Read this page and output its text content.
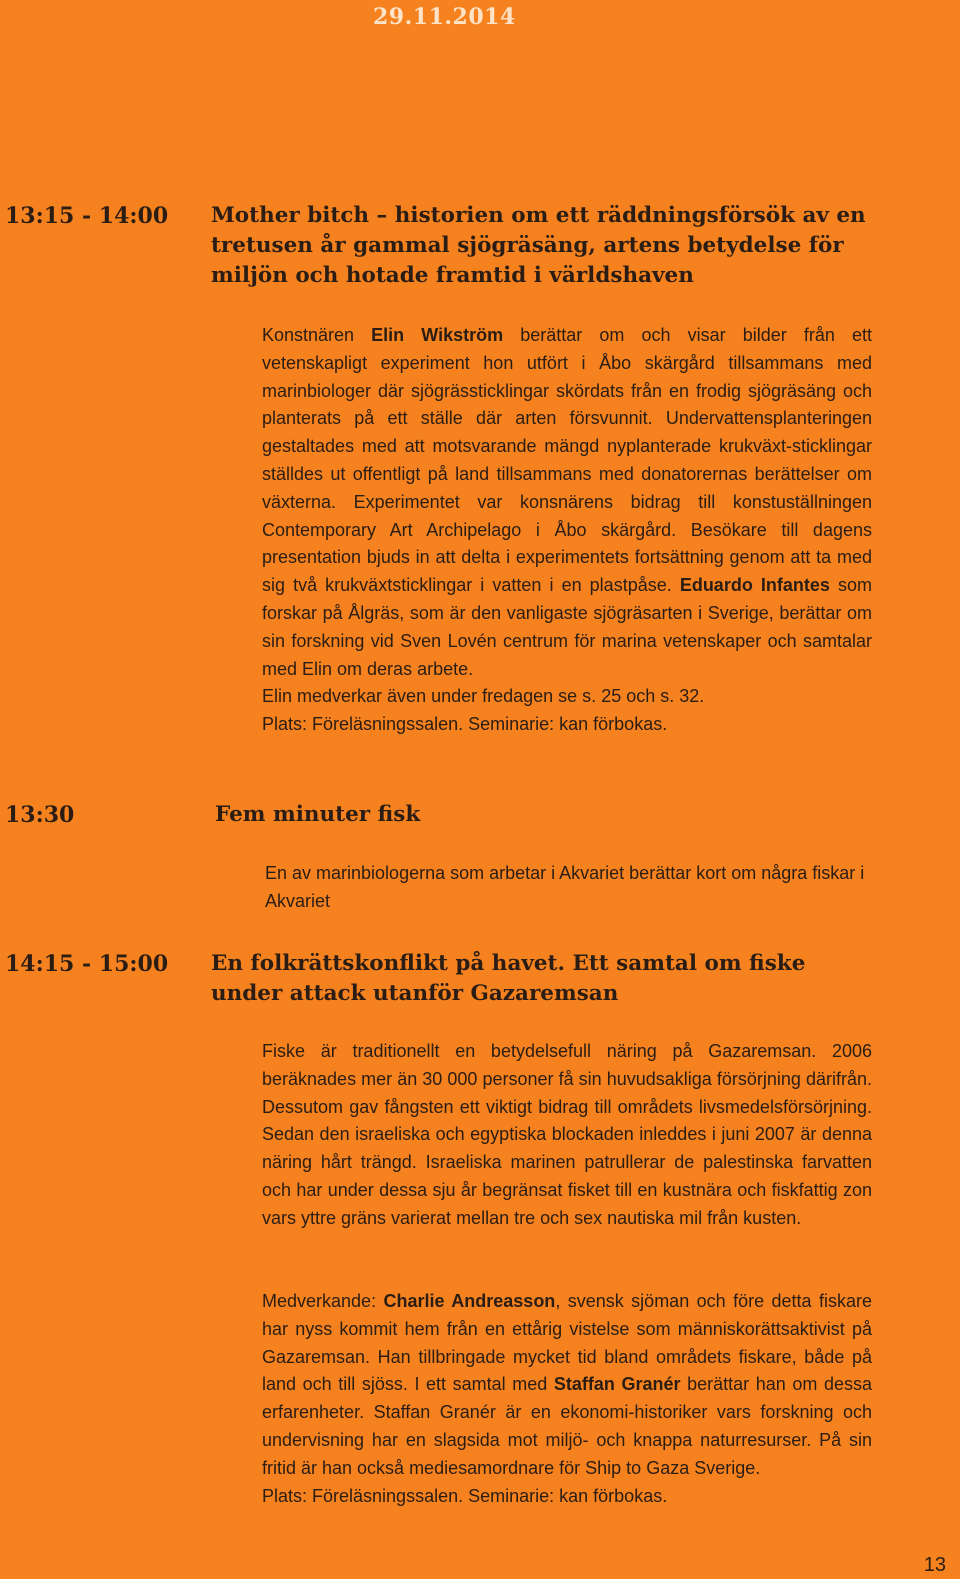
29.11.2014
13:15 - 14:00 Mother bitch – historien om ett räddningsförsök av en tretusen år gammal sjögräsäng, artens betydelse för miljön och hotade framtid i världshaven

Konstnären Elin Wikström berättar om och visar bilder från ett vetenskapligt experiment hon utfört i Åbo skärgård tillsammans med marinbiologer där sjögrässticklingar skördats från en frodig sjögräsäng och planterats på ett ställe där arten försvunnit. Undervattensplanteringen gestaltades med att motsvarande mängd nyplanterade krukväxt-sticklingar ställdes ut offentligt på land tillsammans med donatorernas berättelser om växterna. Experimentet var konsnärens bidrag till konstuställningen Contemporary Art Archipelago i Åbo skärgård. Besökare till dagens presentation bjuds in att delta i experimentets fortsättning genom att ta med sig två krukväxtsticklingar i vatten i en plastpåse. Eduardo Infantes som forskar på Ålgräs, som är den vanligaste sjögräsarten i Sverige, berättar om sin forskning vid Sven Lovén centrum för marina vetenskaper och samtalar med Elin om deras arbete.

Elin medverkar även under fredagen se s. 25 och s. 32.

Plats: Föreläsningssalen. Seminarie: kan förbokas.

13:30	Fem minuter fisk

En av marinbiologerna som arbetar i Akvariet berättar kort om några fiskar i Akvariet

14:15 - 15:00 En folkrättskonflikt på havet. Ett samtal om fiske under attack utanför Gazaremsan

Fiske är traditionellt en betydelsefull näring på Gazaremsan. 2006 beräknades mer än 30 000 personer få sin huvudsakliga försörjning därifrån. Dessutom gav fångsten ett viktigt bidrag till områdets livsmedelsförsörjning. Sedan den israeliska och egyptiska blockaden inleddes i juni 2007 är denna näring hårt trängd. Israeliska marinen patrullerar de palestinska farvatten och har under dessa sju år begränsat fisket till en kustnära och fiskfattig zon vars yttre gräns varierat mellan tre och sex nautiska mil från kusten.

Medverkande: Charlie Andreasson, svensk sjöman och före detta fiskare har nyss kommit hem från en ettårig vistelse som människorättsaktivist på Gazaremsan. Han tillbringade mycket tid bland områdets fiskare, både på land och till sjöss. I ett samtal med Staffan Granér berättar han om dessa erfarenheter. Staffan Granér är en ekonomi-historiker vars forskning och undervisning har en slagsida mot miljö- och knappa naturresurser. På sin fritid är han också mediesamordnare för Ship to Gaza Sverige.

Plats: Föreläsningssalen. Seminarie: kan förbokas.

13
